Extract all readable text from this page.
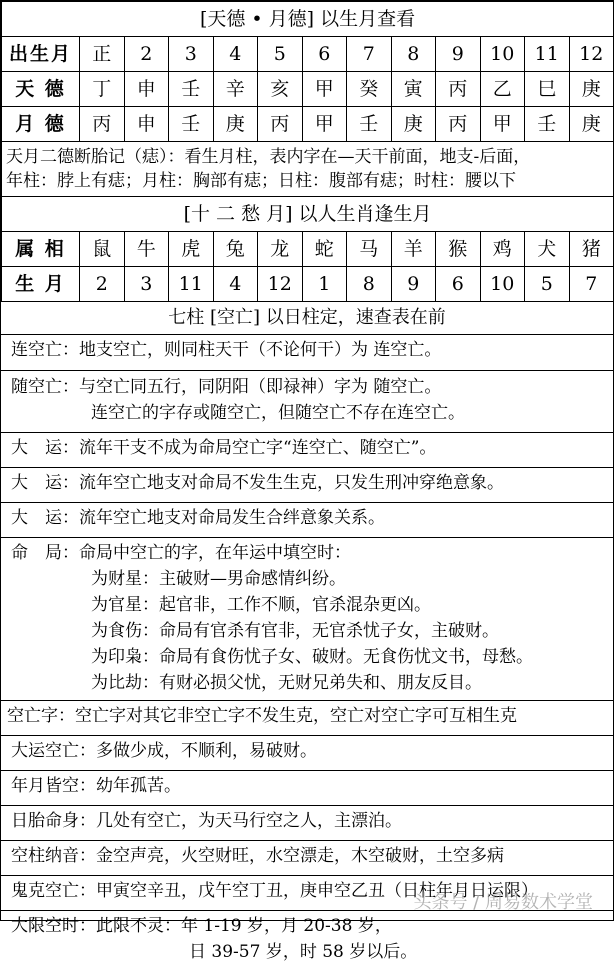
[天德 • 月德] 以生月查看												
出生月	正	2	3	4	5	6	7	8	9	10	11	12
天 德	丁	申	壬	辛	亥	甲	癸	寅	丙	乙	巳	庚
月 德	丙	申	壬	庚	丙	甲	壬	庚	丙	甲	壬	庚

天月二德断胎记（痣）：看生月柱，表内字在—天干前面，地支-后面，
年柱：脖上有痣；月柱：胸部有痣；日柱：腹部有痣；时柱：腰以下												
[十 二 愁 月] 以人生肖逢生月												
属 相	鼠	牛	虎	兔	龙	蛇	马	羊	猴	鸡	犬	猪
生 月	2	3	11	4	12	1	8	9	6	10	5	7
七柱 [空亡] 以日柱定，速查表在前
连空亡：地支空亡，则同柱天干（不论何干）为 连空亡。
随空亡：与空亡同五行，同阴阳（即禄神）字为 随空亡。
连空亡的字存或随空亡，但随空亡不存在连空亡。
大　运：流年干支不成为命局空亡字“连空亡、随空亡”。
大　运：流年空亡地支对命局不发生生克，只发生刑冲穿绝意象。
大　运：流年空亡地支对命局发生合绊意象关系。
命　局：命局中空亡的字，在年运中填空时：
为财星：主破财—男命感情纠纷。
为官星：起官非，工作不顺，官杀混杂更凶。
为食伤：命局有官杀有官非，无官杀忧子女，主破财。
为印枭：命局有食伤忧子女、破财。无食伤忧文书，母愁。
为比劫：有财必损父忧，无财兄弟失和、朋友反目。
空亡字：空亡字对其它非空亡字不发生克，空亡对空亡字可互相生克
大运空亡：多做少成，不顺利，易破财。
年月皆空：幼年孤苦。
日胎命身：几处有空亡，为天马行空之人，主漂泊。
空柱纳音：金空声亮，火空财旺，水空漂走，木空破财，土空多病
鬼克空亡：甲寅空辛丑，戊午空丁丑，庚申空乙丑（日柱年月日运限）
大限空时：此限不灵：年 1-19 岁，月 20-38 岁，
日 39-57 岁，时 58 岁以后。
头条号 / 周易数术学堂
